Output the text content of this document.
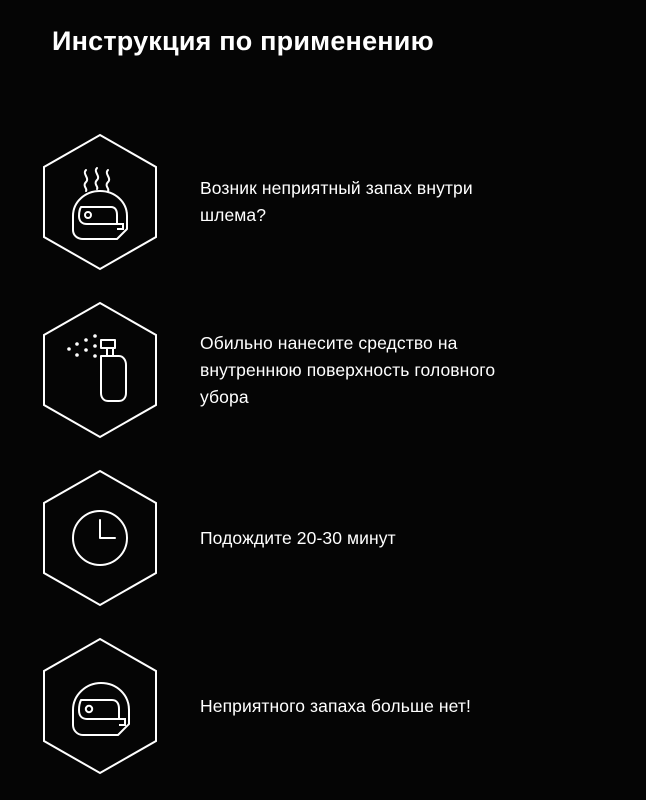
Инструкция по применению
Возник неприятный запах внутри шлема?
Обильно нанесите средство на внутреннюю поверхность головного убора
Подождите 20-30 минут
Неприятного запаха больше нет!
